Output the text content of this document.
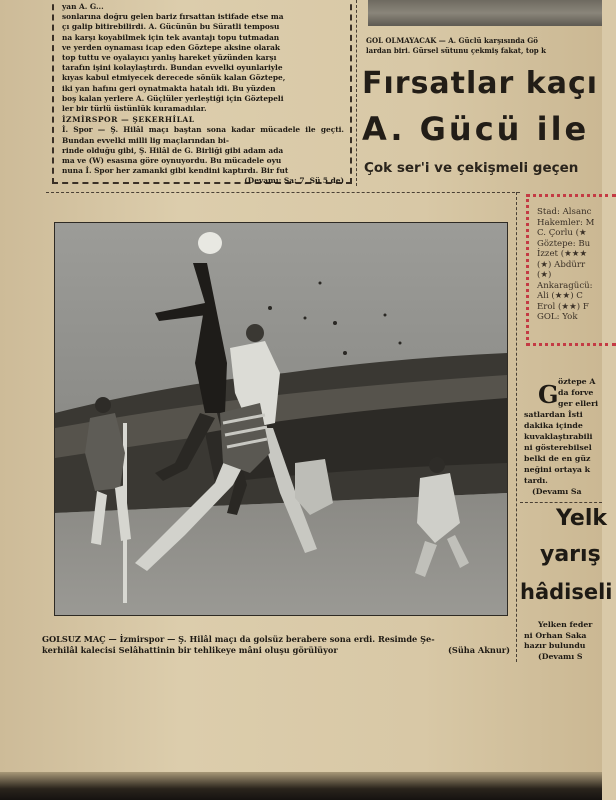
yan A. G...

sonlarına doğru gelen bariz fırsattan istifade etse ma

çı galip bitirebilirdi. A. Gücünün bu Süratli temposu

na karşı koyabilmek için tek avantajı topu tutmadan

ve yerden oynaması icap eden Göztepe aksine olarak

top tuttu ve oyalayıcı yanlış hareket yüzünden karşı

tarafın işini kolaylaştırdı. Bundan evvelki oyunlariyle

kıyas kabul etmiyecek derecede sönük kalan Göztepe,

iki yan hafını geri oynatmakta hatalı idi. Bu yüzden

boş kalan yerlere A. Güçlüler yerleştiği için Göztepeli

ler bir türlü üstünlük kuramadılar.

İZMİRSPOR — ŞEKERHİLAL

İ. Spor — Ş. Hilâl maçı baştan sona kadar mücadele ile geçti. Bundan evvelki milli lig maçlarından bi-

rinde olduğu gibi, Ş. Hilâl de G. Birliği gibi adam ada

ma ve (W) esasına göre oynuyordu. Bu mücadele oyu

nuna İ. Spor her zamanki gibi kendini kaptırdı. Bir fut

(Devamı: Sa: 7, Sü 5 de)

GOL OLMAYACAK — A. Güclü karşısında Gö
lardan biri. Gürsel sütunu çekmiş fakat, top k
Fırsatlar kaçı
A. Gücü ile
Çok ser'i ve çekişmeli geçen
GOLSUZ MAÇ — İzmirspor — Ş. Hilâl maçı da golsüz berabere sona erdi. Resimde Şe-
kerhilâl kalecisi Selâhattinin bir tehlikeye mâni oluşu görülüyor	(Süha Aknur)
Stad: Alsanc
Hakemler: M
C. Çorlu (★
Göztepe: Bu
İzzet (★★★
(★) Abdürr
(★)
Ankaragücü:
Ali (★★) C
Erol (★★) F
GOL: Yok
G öztepe A
da forve
ger elleri
satlardan İsti
dakika içinde
kuvaklaştırabili
ni gösterebilsel
belki de en güz
neğini ortaya k
tardı.
(Devamı Sa
Yelk
yarış
hâdiseli
Yelken feder
ni Orhan Saka
hazır bulundu
(Devamı S
